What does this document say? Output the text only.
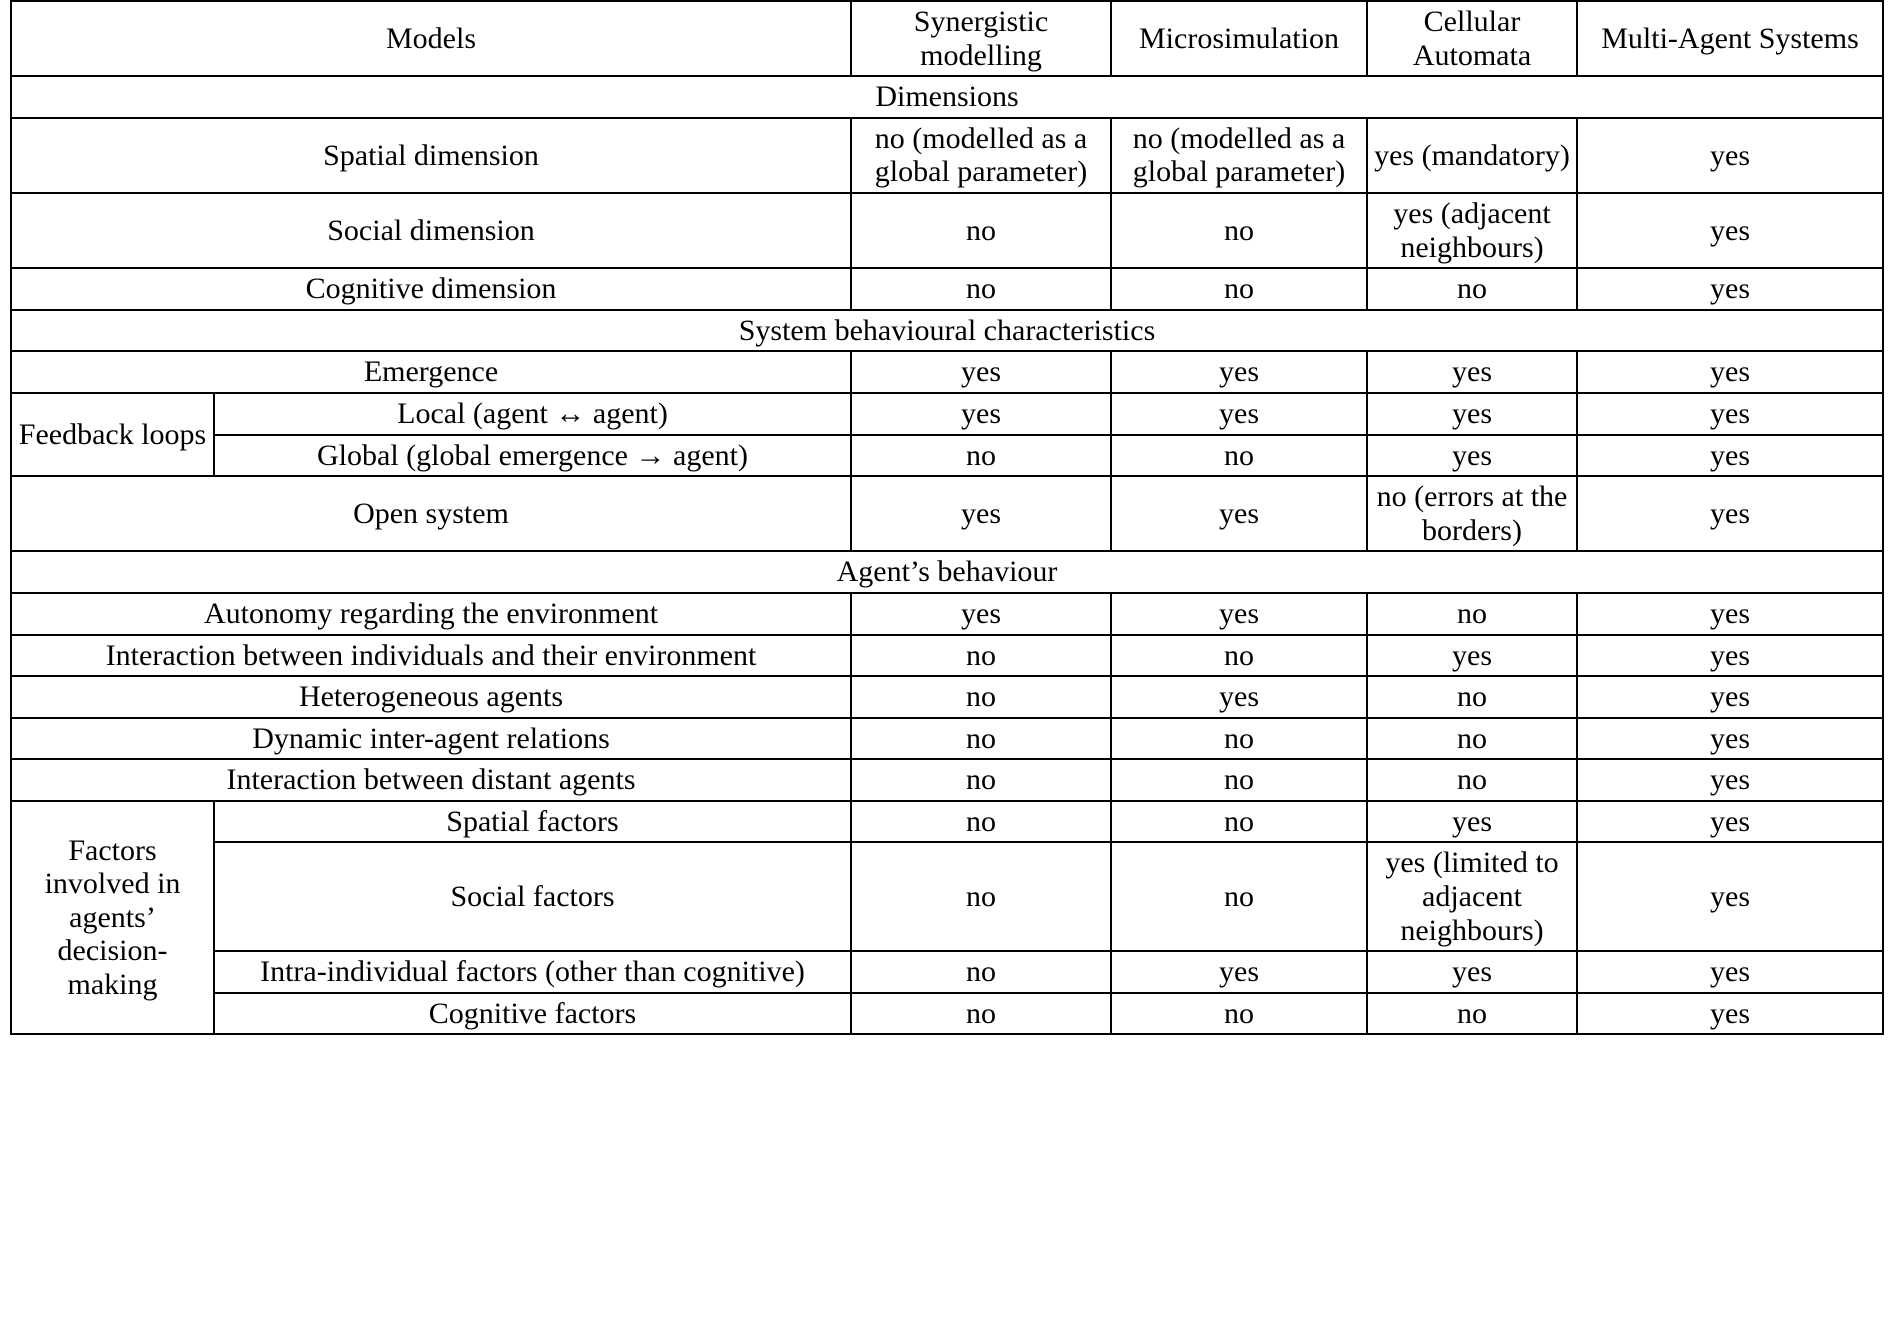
Models		Synergistic modelling	Microsimulation	Cellular Automata	Multi-Agent Systems
Dimensions					
Spatial dimension		no (modelled as a global parameter)	no (modelled as a global parameter)	yes (mandatory)	yes
Social dimension		no	no	yes (adjacent neighbours)	yes
Cognitive dimension		no	no	no	yes
System behavioural characteristics					
Emergence		yes	yes	yes	yes
Feedback loops	Local (agent ↔ agent)	yes	yes	yes	yes
	Global (global emergence → agent)	no	no	yes	yes
Open system		yes	yes	no (errors at the borders)	yes
Agent’s behaviour					
Autonomy regarding the environment		yes	yes	no	yes
Interaction between individuals and their environment		no	no	yes	yes
Heterogeneous agents		no	yes	no	yes
Dynamic inter-agent relations		no	no	no	yes
Interaction between distant agents		no	no	no	yes
Factors involved in agents’ decision-making	Spatial factors	no	no	yes	yes
	Social factors	no	no	yes (limited to adjacent neighbours)	yes
	Intra-individual factors (other than cognitive)	no	yes	yes	yes
	Cognitive factors	no	no	no	yes
